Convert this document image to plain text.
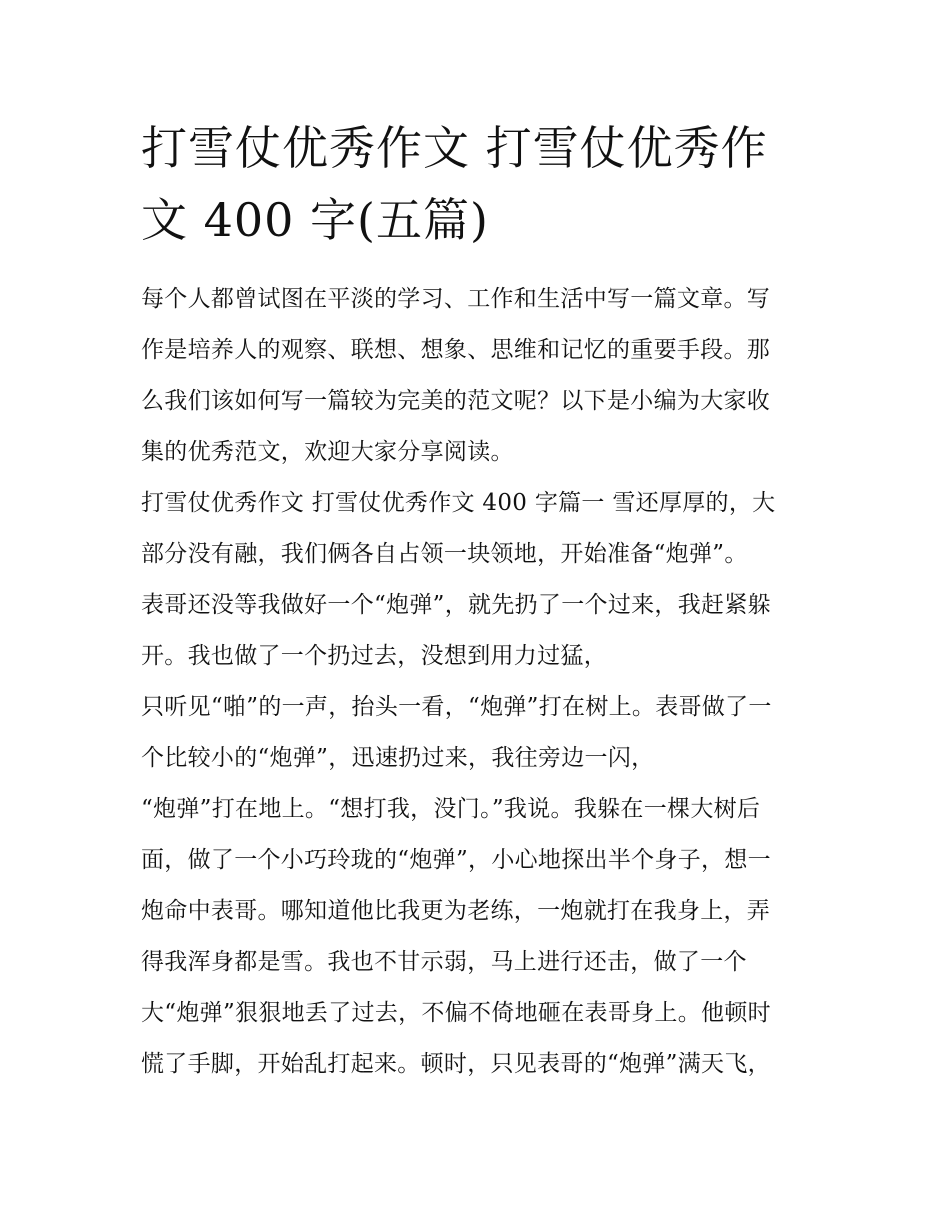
打雪仗优秀作文 打雪仗优秀作
文 400 字(五篇)
每个人都曾试图在平淡的学习、工作和生活中写一篇文章。写
作是培养人的观察、联想、想象、思维和记忆的重要手段。那
么我们该如何写一篇较为完美的范文呢？以下是小编为大家收
集的优秀范文，欢迎大家分享阅读。
打雪仗优秀作文 打雪仗优秀作文 400 字篇一 雪还厚厚的，大
部分没有融，我们俩各自占领一块领地，开始准备“炮弹”。
表哥还没等我做好一个“炮弹”，就先扔了一个过来，我赶紧躲
开。我也做了一个扔过去，没想到用力过猛，
只听见“啪”的一声，抬头一看，“炮弹”打在树上。表哥做了一
个比较小的“炮弹”，迅速扔过来，我往旁边一闪，
“炮弹”打在地上。“想打我，没门。”我说。我躲在一棵大树后
面，做了一个小巧玲珑的“炮弹”，小心地探出半个身子，想一
炮命中表哥。哪知道他比我更为老练，一炮就打在我身上，弄
得我浑身都是雪。我也不甘示弱，马上进行还击，做了一个
大“炮弹”狠狠地丢了过去，不偏不倚地砸在表哥身上。他顿时
慌了手脚，开始乱打起来。顿时，只见表哥的“炮弹”满天飞，
